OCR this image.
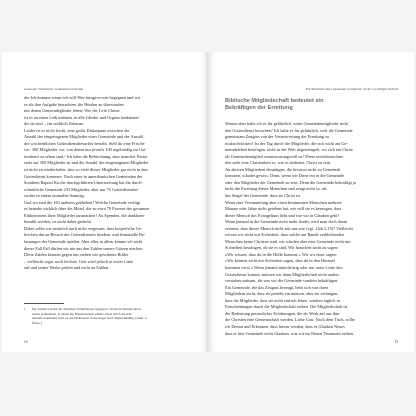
Gesunder Wachstum. Gemeindewachstum
der Ich-komme-wenn-ich-will-Wer-bringt-es-mir begegnen und wir
es als ihre Aufgabe betrachten, die Hürden zu überwinden
mit denen Gemeindeglieder leben; Wie der Leib Christi
ist es an einen Leib mahnen, in alle Glieder und Organe funktionie-
die da sind – ein wirklich Zuhause.
Leider ist es nicht leicht, eine große Diskrepanz zwischen der
Anzahl der eingetragenen Mitglieder einer Gemeinde und der Anzahl
der wöchentlichen Gottesdienstbesucher besteht. Stell dir eine Frische
vor: 300 Mitglieder vor, von denen nur jeweils 100 regelmäßig im Got-
tesdienst zu sehen sind.¹ Ich habe die Befürchtung, dass mancher Pastor
stolz auf 300 Mitglieder ist und die Anzahl der eingetragenen Mitglieder
ist nicht zu wiederholen, dass so viele dieser Mitglieder gar nicht in den
Gottesdienst kommen. Nach einer in amerikanischen Gemeinden der
Southern Baptist Kirche durchgeführten Untersuchung hat die durch-
schnittliche Gemeinde 233 Mitglieder, aber nur 70 Gottesdienstbe-
sucher in einem normalen Sonntag.
Und wo sind die 163 anderen geblieben? Welche Gemeinde verfügt
es beinahe wirklich über die Mittel, die zu etwa 70 Prozent des gesamten
Einkommens ihrer Mitglieder ausmachen? An Spenden, die dankbarer
bezahlt werden, ist nicht dabei gedacht.
Dabei sollte wir natürlich auch nicht vergessen, dass körperliche Ge-
brechen ihn an Besuch des Gottesdienstes hindern, und finanzielle Be-
lastungen der Gemeinde spielen. Aber alles in allem könnte ich nicht
dieser Fall Fall dürfen wir nie aus den Zahlen unsere Götzen machen.
Diese Zahlen können gegen uns stehen wie geschönte Bilder
– vielleicht sogar noch leichter. Gott wird jedoch in erster Linie
auf und seiner Werke prüfen und nicht an Zahlen.
1 Die Zahlen wurden der dreieinen Verhältnissen angepasst. Wobei in internen kirch-
lichen Gemeinden, in denen die Mitgliedschaft stärker schon durch die Kin-
dertaufe begründet wird, ist die Diskrepanz in der Regel noch ungleichmäßig. (Anm. d.
Übers.)
14
Ein Merkmal einer gesunden Gemeinde: Sicht von Mitgliedschaft
Biblische Mitgliedschaft bedeutet ein
Bekräftigen der Errettung
Warum aber halte ich es für gefährlich, wenn Gemeindemitglieder nicht
den Gottesdienst besuchen? Ich halte es für gefährlich, weil die Gemeinde
gemeinsam Zeugnis von der Verantwortung der Errettung zu
rücksichtslosen? Ist der Tag durch die Mitglieder, die sich nicht am Ge-
meindeleben beteiligen, nicht in der Welt abgestempelt, wo sich ein Christ
als Gemeindemitglied verantwortungsvoll ist? Diese nichtsbesuchen-
den sieht eine Christenheit so, wie es bedeutet, Christ zu sein.
An aktiven Mitgliedern demütigen, die bewusst nicht zu Gemeinde
kommen, schadet gewiss. Denn, wenn wir Diese ein in die Gemeinde
oder den Mitglieder der Gemeinde zu sein. Denn die Gemeinde bekräftigt ja
nicht die Errettung dieser Menschen und zeugt nicht so, als
das Siegel der Gemeinde, dass sie Christ ist.
Wenn eine Versammlung aber einen bestimmten Menschen mehrere
Monate oder Jahre nicht gesehen hat, wie will sie es bezeugen, dass
dieser Mensch das Evangelium liebt und wie wir in Glauben geht?
Wenn jemand in die Gemeinde nicht mehr findet, wird man doch daran
erinnert, dass dieser Mensch nicht mit uns war (vgl. 1Joh 2,19)? Vielleicht
wissen wir nicht mit Sicherheit, dass solche am Rande verbleibenden
Menschen keine Christen sind, wir würden aber eine Gemeinde nicht mit
Sicherheit bestätigen, ob sie es sind. Wir brauchen nicht zu sagen:
»Wir wissen, dass du in die Hölle kommst.« Wir wir einer sagen:
»Wir können nicht mit Sicherheit sagen, dass du in den Himmel
kommen wirst.« Wenn jemand mittelfristig oder nur unter Leute den
Gottesdienst kommt, müssen wir dann Mitgliedschaft nicht anders
verstehen müssen, als was wir die Gemeinde sondern bekräftigen.
Ein Gemeinde, die das Zeugnis bezeugt, hebt sich von ihren
Mitgliedern nicht, dass sie perfekt ein müssen, aber sie verlangen,
dass die Mitglieder, dass sie nicht einfach leben, sondern täglich in
Entscheidungen durch die Mitgliedschaft stehen. Die Mitgliedschaft ist
die Bedeutung persönlicher Erfahrungen, die als Werk auf aus ihm
die Christen eine Gemeinschaft werden. Liebe Gott. Nach dem Tisch, sollte
ich Demut und Erkennen, dass hierzu werden, dass es Glauben Neues
dass er hier Gemeinde nicht Glauben, was wir im Neuen Testament stehen.
15
